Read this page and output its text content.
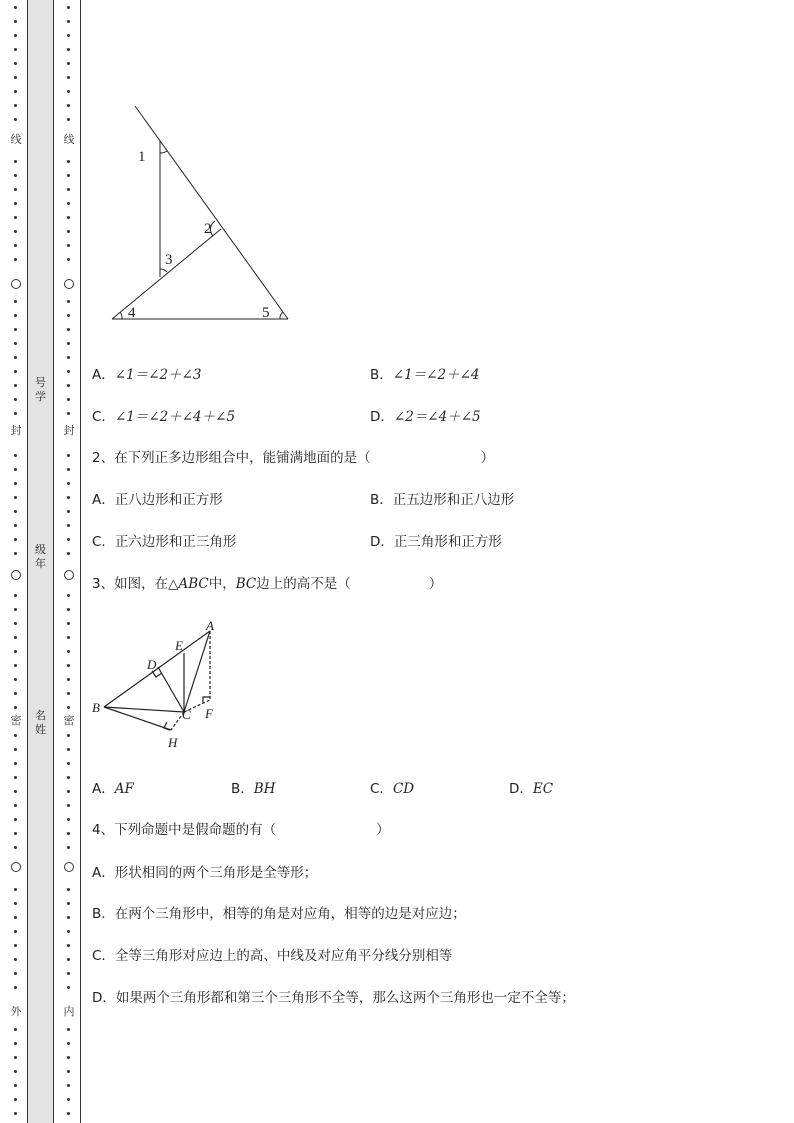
线
封
密
外
号
学
级
年
名
姓
线
封
密
内
1
2
3
4	5
A．∠1＝∠2＋∠3	B．∠1＝∠2＋∠4
C．∠1＝∠2＋∠4＋∠5	D．∠2＝∠4＋∠5
2、在下列正多边形组合中，能铺满地面的是（	）
A．正八边形和正方形	B．正五边形和正八边形
C．正六边形和正三角形	D．正三角形和正方形
3、如图，在△ABC中，BC边上的高不是（	）
A
E
D
B	C F
H
A．AF	B．BH	C．CD	D．EC
4、下列命题中是假命题的有（	）
A．形状相同的两个三角形是全等形；
B．在两个三角形中，相等的角是对应角，相等的边是对应边；
C．全等三角形对应边上的高、中线及对应角平分线分别相等
D．如果两个三角形都和第三个三角形不全等，那么这两个三角形也一定不全等；
